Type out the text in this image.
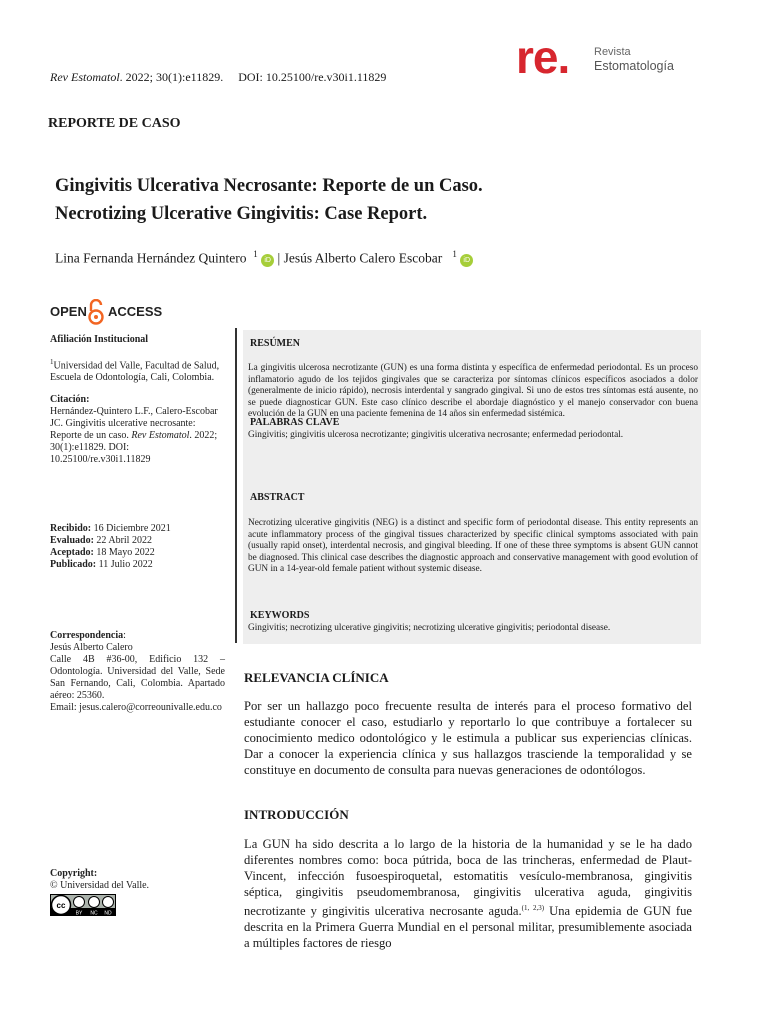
Rev Estomatol. 2022; 30(1):e11829. DOI: 10.25100/re.v30i1.11829	re. Revista
Estomatología
REPORTE DE CASO
Gingivitis Ulcerativa Necrosante: Reporte de un Caso.
Necrotizing Ulcerative Gingivitis: Case Report.
Lina Fernanda Hernández Quintero $^1$ iD | Jesús Alberto Calero Escobar $^1$ iD
OPEN ACCESS
Afiliación Institucional
$^1$Universidad del Valle, Facultad de Salud, Escuela de Odontología, Cali, Colombia.
Citación:
Hernández-Quintero L.F., Calero-Escobar JC. Gingivitis ulcerative necrosante: Reporte de un caso. Rev Estomatol. 2022; 30(1):e11829. DOI: 10.25100/re.v30i1.11829
Recibido: 16 Diciembre 2021
Evaluado: 22 Abril 2022
Aceptado: 18 Mayo 2022
Publicado: 11 Julio 2022
Correspondencia:
Jesús Alberto Calero
Calle 4B #36-00, Edificio 132 – Odontología. Universidad del Valle, Sede San Fernando, Cali, Colombia. Apartado aéreo: 25360.
Email: jesus.calero@correounivalle.edu.co
Copyright:
© Universidad del Valle.
cc
BY NC ND
RESÚMEN
La gingivitis ulcerosa necrotizante (GUN) es una forma distinta y específica de enfermedad periodontal. Es un proceso inflamatorio agudo de los tejidos gingivales que se caracteriza por síntomas clínicos específicos asociados a dolor (generalmente de inicio rápido), necrosis interdental y sangrado gingival. Si uno de estos tres síntomas está ausente, no se puede diagnosticar GUN. Este caso clínico describe el abordaje diagnóstico y el manejo conservador con buena evolución de la GUN en una paciente femenina de 14 años sin enfermedad sistémica.
PALABRAS CLAVE
Gingivitis; gingivitis ulcerosa necrotizante; gingivitis ulcerativa necrosante; enfermedad periodontal.
ABSTRACT
Necrotizing ulcerative gingivitis (NEG) is a distinct and specific form of periodontal disease. This entity represents an acute inflammatory process of the gingival tissues characterized by specific clinical symptoms associated with pain (usually rapid onset), interdental necrosis, and gingival bleeding. If one of these three symptoms is absent GUN cannot be diagnosed. This clinical case describes the diagnostic approach and conservative management with good evolution of GUN in a 14-year-old female patient without systemic disease.
KEYWORDS
Gingivitis; necrotizing ulcerative gingivitis; necrotizing ulcerative gingivitis; periodontal disease.
RELEVANCIA CLÍNICA
Por ser un hallazgo poco frecuente resulta de interés para el proceso formativo del estudiante conocer el caso, estudiarlo y reportarlo lo que contribuye a fortalecer su conocimiento medico odontológico y le estimula a publicar sus experiencias clínicas. Dar a conocer la experiencia clínica y sus hallazgos trasciende la temporalidad y se constituye en documento de consulta para nuevas generaciones de odontólogos.
INTRODUCCIÓN
La GUN ha sido descrita a lo largo de la historia de la humanidad y se le ha dado diferentes nombres como: boca pútrida, boca de las trincheras, enfermedad de Plaut-Vincent, infección fusoespiroquetal, estomatitis vesículo-membranosa, gingivitis séptica, gingivitis pseudomembranosa, gingivitis ulcerativa aguda, gingivitis necrotizante y gingivitis ulcerativa necrosante aguda.$^{(1, 2,3)}$ Una epidemia de GUN fue descrita en la Primera Guerra Mundial en el personal militar, presumiblemente asociada a múltiples factores de riesgo
